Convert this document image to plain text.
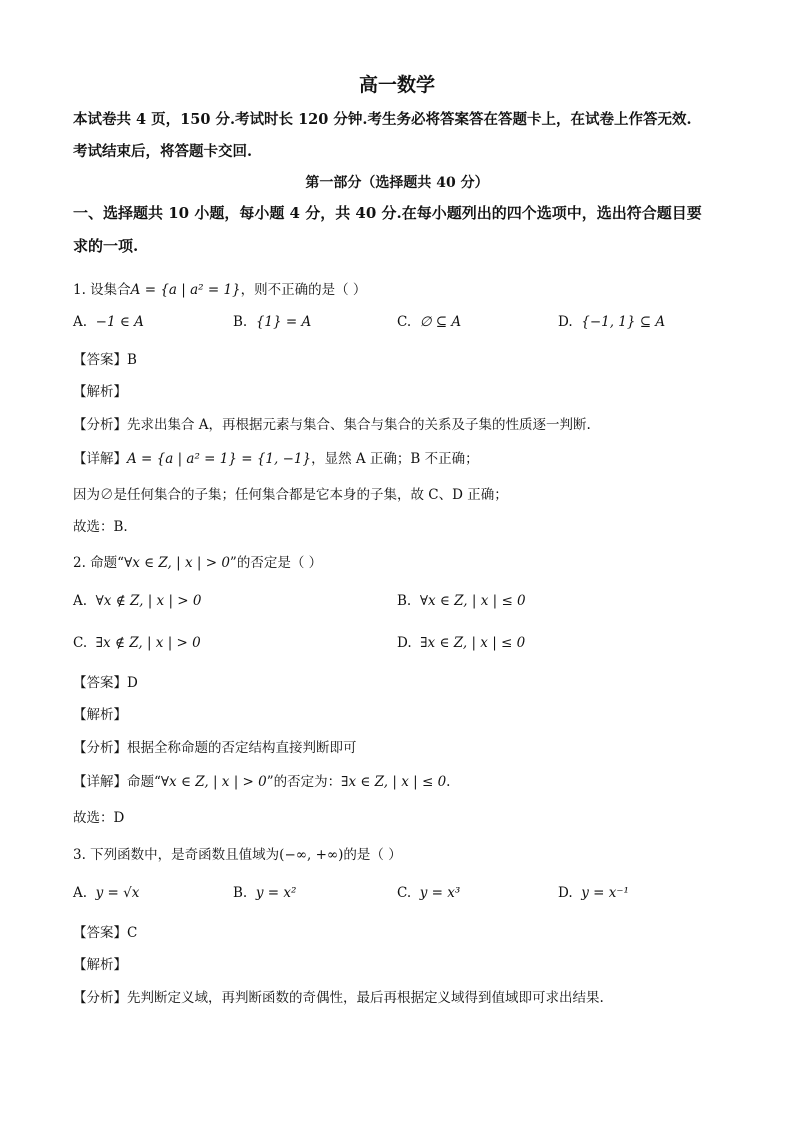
高一数学
本试卷共 4 页，150 分.考试时长 120 分钟.考生务必将答案答在答题卡上，在试卷上作答无效.
考试结束后，将答题卡交回.
第一部分（选择题共 40 分）
一、选择题共 10 小题，每小题 4 分，共 40 分.在每小题列出的四个选项中，选出符合题目要
求的一项.
1. 设集合A = {a | a² = 1}，则不正确的是（ ）
A. −1 ∈ A	B. {1} = A	C. ∅ ⊆ A	D. {−1, 1} ⊆ A
【答案】B
【解析】
【分析】先求出集合 A，再根据元素与集合、集合与集合的关系及子集的性质逐一判断.
【详解】A = {a | a² = 1} = {1, −1}，显然 A 正确；B 不正确；
因为∅是任何集合的子集；任何集合都是它本身的子集，故 C、D 正确；
故选：B.
2. 命题“∀x ∈ Z, | x | > 0”的否定是（ ）
A. ∀x ∉ Z, | x | > 0	B. ∀x ∈ Z, | x | ≤ 0
C. ∃x ∉ Z, | x | > 0	D. ∃x ∈ Z, | x | ≤ 0
【答案】D
【解析】
【分析】根据全称命题的否定结构直接判断即可
【详解】命题“∀x ∈ Z, | x | > 0”的否定为：∃x ∈ Z, | x | ≤ 0.
故选：D
3. 下列函数中，是奇函数且值域为(−∞, +∞)的是（ ）
A. y = √x	B. y = x²	C. y = x³	D. y = x⁻¹
【答案】C
【解析】
【分析】先判断定义域，再判断函数的奇偶性，最后再根据定义域得到值域即可求出结果.
